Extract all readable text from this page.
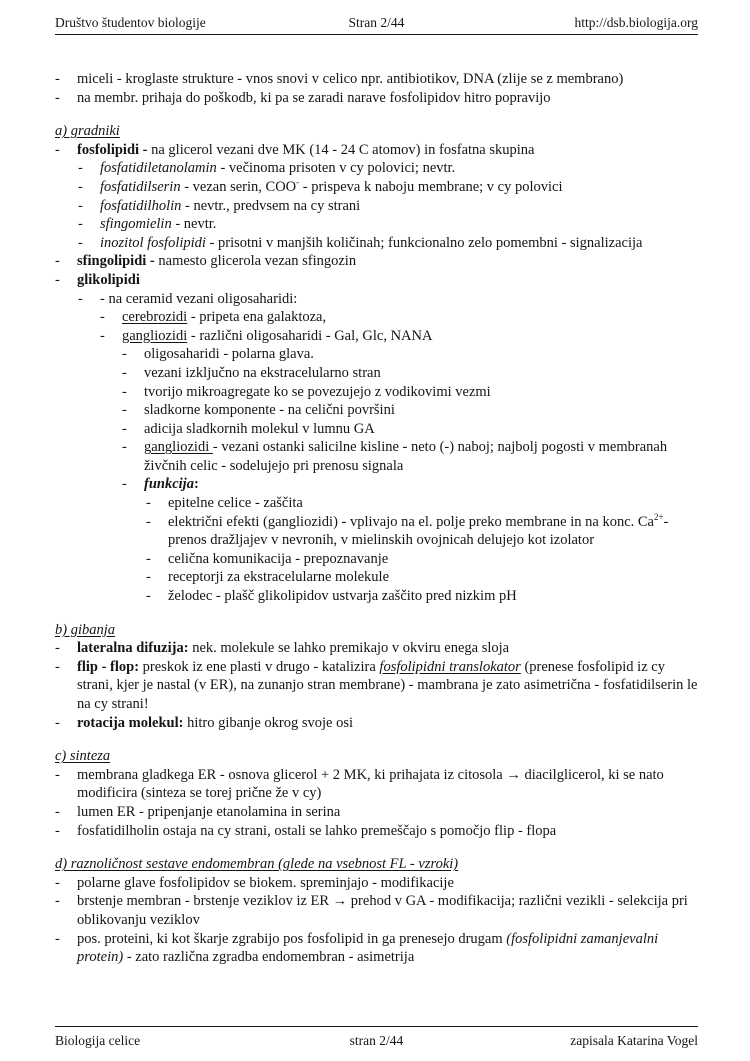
Društvo študentov biologije	Stran 2/44	http://dsb.biologija.org
-	miceli - kroglaste strukture - vnos snovi v celico npr. antibiotikov, DNA (zlije se z membrano)
-	na membr. prihaja do poškodb, ki pa se zaradi narave fosfolipidov hitro popravijo
a) gradniki
-	fosfolipidi - na glicerol vezani dve MK (14 - 24 C atomov) in fosfatna skupina
-	fosfatidiletanolamin - večinoma prisoten v cy polovici; nevtr.
-	fosfatidilserin - vezan serin, COO- - prispeva k naboju membrane; v cy polovici
-	fosfatidilholin - nevtr., predvsem na cy strani
-	sfingomielin - nevtr.
-	inozitol fosfolipidi - prisotni v manjših količinah; funkcionalno zelo pomembni - signalizacija
-	sfingolipidi - namesto glicerola vezan sfingozin
-	glikolipidi
-	- na ceramid vezani oligosaharidi:
-	cerebrozidi - pripeta ena galaktoza,
-	gangliozidi - različni oligosaharidi - Gal, Glc, NANA
-	oligosaharidi - polarna glava.
-	vezani izključno na ekstracelularno stran
-	tvorijo mikroagregate ko se povezujejo z vodikovimi vezmi
-	sladkorne komponente - na celični površini
-	adicija sladkornih molekul v lumnu GA
-	gangliozidi - vezani ostanki salicilne kisline - neto (-) naboj; najbolj pogosti v membranah živčnih celic - sodelujejo pri prenosu signala
-	funkcija:
-	epitelne celice - zaščita
-	električni efekti (gangliozidi) - vplivajo na el. polje preko membrane in na konc. $Ca^{2+}-$ prenos dražljajev v nevronih, v mielinskih ovojnicah delujejo kot izolator
-	celična komunikacija - prepoznavanje
-	receptorji za ekstracelularne molekule
-	želodec - plašč glikolipidov ustvarja zaščito pred nizkim pH
b) gibanja
-	lateralna difuzija: nek. molekule se lahko premikajo v okviru enega sloja
-	flip - flop: preskok iz ene plasti v drugo - katalizira fosfolipidni translokator (prenese fosfolipid iz cy strani, kjer je nastal (v ER), na zunanjo stran membrane) - mambrana je zato asimetrična - fosfatidilserin le na cy strani!
-	rotacija molekul: hitro gibanje okrog svoje osi
c) sinteza
-	membrana gladkega ER - osnova glicerol + 2 MK, ki prihajata iz citosola → diacilglicerol, ki se nato modificira (sinteza se torej prične že v cy)
-	lumen ER - pripenjanje etanolamina in serina
-	fosfatidilholin ostaja na cy strani, ostali se lahko premeščajo s pomočjo flip - flopa
d) raznoličnost sestave endomembran (glede na vsebnost FL - vzroki)
-	polarne glave fosfolipidov se biokem. spreminjajo - modifikacije
-	brstenje membran - brstenje veziklov iz ER → prehod v GA - modifikacija; različni vezikli - selekcija pri oblikovanju veziklov
-	pos. proteini, ki kot škarje zgrabijo pos fosfolipid in ga prenesejo drugam (fosfolipidni zamanjevalni protein) - zato različna zgradba endomembran - asimetrija
Biologija celice	stran 2/44	zapisala Katarina Vogel
